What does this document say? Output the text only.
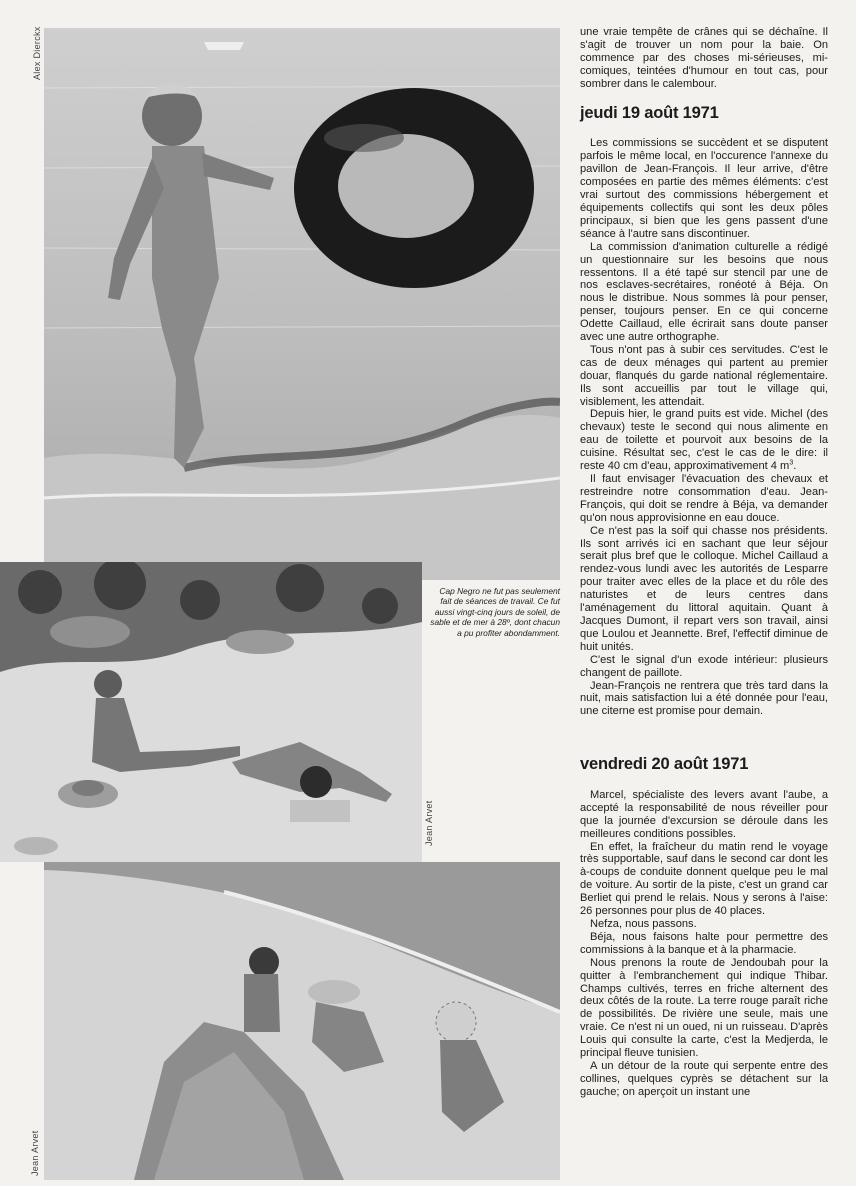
Alex Dierckx
Jean Arvet
Jean Arvet
Cap Negro ne fut pas seulement fait de séances de travail. Ce fut aussi vingt-cinq jours de soleil, de sable et de mer à 28º, dont chacun a pu profiter abondamment.

une vraie tempête de crânes qui se déchaîne. Il s'agit de trouver un nom pour la baie. On commence par des choses mi-sérieuses, mi-comiques, teintées d'humour en tout cas, pour sombrer dans le calembour.

jeudi 19 août 1971

Les commissions se succèdent et se disputent parfois le même local, en l'occurence l'annexe du pavillon de Jean-François. Il leur arrive, d'être composées en partie des mêmes éléments: c'est vrai surtout des commissions hébergement et équipements collectifs qui sont les deux pôles principaux, si bien que les gens passent d'une séance à l'autre sans discontinuer.

La commission d'animation culturelle a rédigé un questionnaire sur les besoins que nous ressentons. Il a été tapé sur stencil par une de nos esclaves-secrétaires, ronéoté à Béja. On nous le distribue. Nous sommes là pour penser, penser, toujours penser. En ce qui concerne Odette Caillaud, elle écrirait sans doute panser avec une autre orthographe.

Tous n'ont pas à subir ces servitudes. C'est le cas de deux ménages qui partent au premier douar, flanqués du garde national réglementaire. Ils sont accueillis par tout le village qui, visiblement, les attendait.

Depuis hier, le grand puits est vide. Michel (des chevaux) teste le second qui nous alimente en eau de toilette et pourvoit aux besoins de la cuisine. Résultat sec, c'est le cas de le dire: il reste 40 cm d'eau, approximativement 4 $m^3$.

Il faut envisager l'évacuation des chevaux et restreindre notre consommation d'eau. Jean-François, qui doit se rendre à Béja, va demander qu'on nous approvisionne en eau douce.

Ce n'est pas la soif qui chasse nos présidents. Ils sont arrivés ici en sachant que leur séjour serait plus bref que le colloque. Michel Caillaud a rendez-vous lundi avec les autorités de Lesparre pour traiter avec elles de la place et du rôle des naturistes et de leurs centres dans l'aménagement du littoral aquitain. Quant à Jacques Dumont, il repart vers son travail, ainsi que Loulou et Jeannette. Bref, l'effectif diminue de huit unités.

C'est le signal d'un exode intérieur: plusieurs changent de paillote.

Jean-François ne rentrera que très tard dans la nuit, mais satisfaction lui a été donnée pour l'eau, une citerne est promise pour demain.

vendredi 20 août 1971

Marcel, spécialiste des levers avant l'aube, a accepté la responsabilité de nous réveiller pour que la journée d'excursion se déroule dans les meilleures conditions possibles.

En effet, la fraîcheur du matin rend le voyage très supportable, sauf dans le second car dont les à-coups de conduite donnent quelque peu le mal de voiture. Au sortir de la piste, c'est un grand car Berliet qui prend le relais. Nous y serons à l'aise: 26 personnes pour plus de 40 places.

Nefza, nous passons.

Béja, nous faisons halte pour permettre des commissions à la banque et à la pharmacie.

Nous prenons la route de Jendoubah pour la quitter à l'embranchement qui indique Thibar. Champs cultivés, terres en friche alternent des deux côtés de la route. La terre rouge paraît riche de possibilités. De rivière une seule, mais une vraie. Ce n'est ni un oued, ni un ruisseau. D'après Louis qui consulte la carte, c'est la Medjerda, le principal fleuve tunisien.

A un détour de la route qui serpente entre des collines, quelques cyprès se détachent sur la gauche; on aperçoit un instant une
